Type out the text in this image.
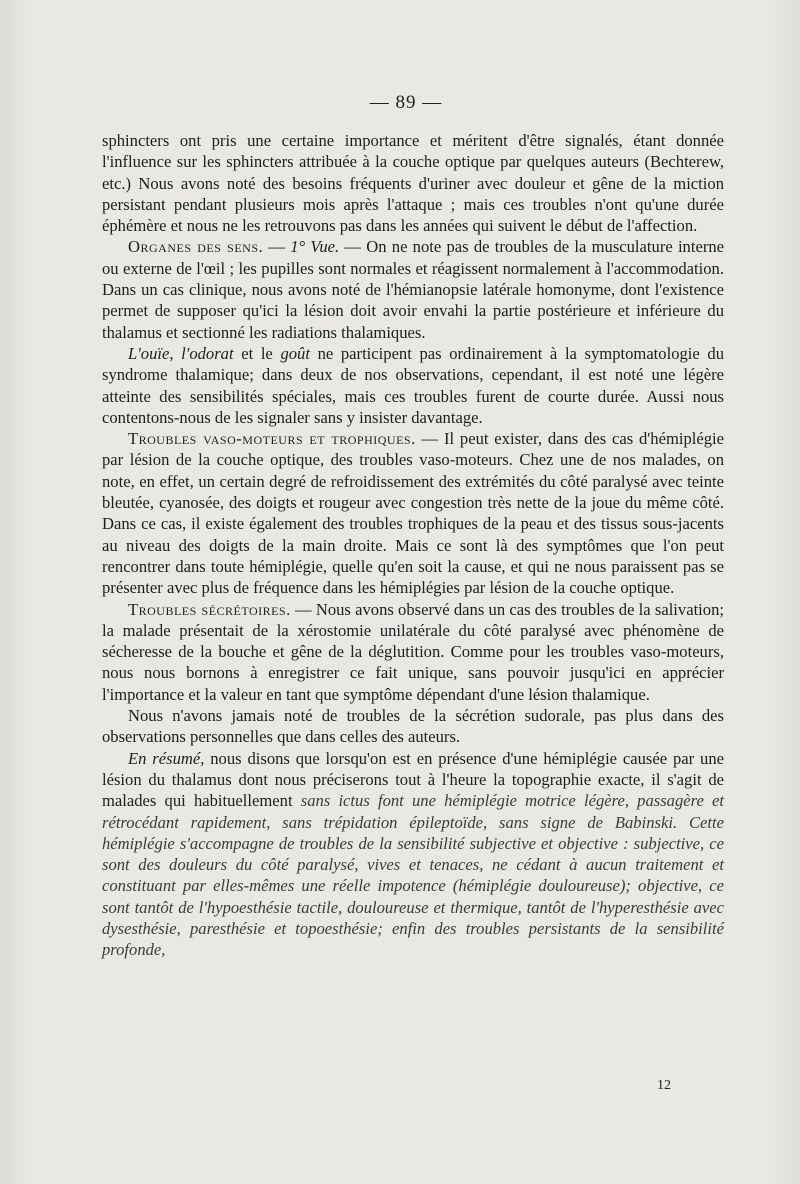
— 89 —

sphincters ont pris une certaine importance et méritent d'être signalés, étant donnée l'influence sur les sphincters attribuée à la couche optique par quelques auteurs (Bechterew, etc.) Nous avons noté des besoins fréquents d'uriner avec douleur et gêne de la miction persistant pendant plusieurs mois après l'attaque ; mais ces troubles n'ont qu'une durée éphémère et nous ne les retrouvons pas dans les années qui suivent le début de l'affection.

Organes des sens. — 1° Vue. — On ne note pas de troubles de la musculature interne ou externe de l'œil ; les pupilles sont normales et réagissent normalement à l'accommodation. Dans un cas clinique, nous avons noté de l'hémianopsie latérale homonyme, dont l'existence permet de supposer qu'ici la lésion doit avoir envahi la partie postérieure et inférieure du thalamus et sectionné les radiations thalamiques.

L'ouïe, l'odorat et le goût ne participent pas ordinairement à la symptomatologie du syndrome thalamique; dans deux de nos observations, cependant, il est noté une légère atteinte des sensibilités spéciales, mais ces troubles furent de courte durée. Aussi nous contentons-nous de les signaler sans y insister davantage.

Troubles vaso-moteurs et trophiques. — Il peut exister, dans des cas d'hémiplégie par lésion de la couche optique, des troubles vaso-moteurs. Chez une de nos malades, on note, en effet, un certain degré de refroidissement des extrémités du côté paralysé avec teinte bleutée, cyanosée, des doigts et rougeur avec congestion très nette de la joue du même côté. Dans ce cas, il existe également des troubles trophiques de la peau et des tissus sous-jacents au niveau des doigts de la main droite. Mais ce sont là des symptômes que l'on peut rencontrer dans toute hémiplégie, quelle qu'en soit la cause, et qui ne nous paraissent pas se présenter avec plus de fréquence dans les hémiplégies par lésion de la couche optique.

Troubles sécrétoires. — Nous avons observé dans un cas des troubles de la salivation; la malade présentait de la xérostomie unilatérale du côté paralysé avec phénomène de sécheresse de la bouche et gêne de la déglutition. Comme pour les troubles vaso-moteurs, nous nous bornons à enregistrer ce fait unique, sans pouvoir jusqu'ici en apprécier l'importance et la valeur en tant que symptôme dépendant d'une lésion thalamique.

Nous n'avons jamais noté de troubles de la sécrétion sudorale, pas plus dans des observations personnelles que dans celles des auteurs.

En résumé, nous disons que lorsqu'on est en présence d'une hémiplégie causée par une lésion du thalamus dont nous préciserons tout à l'heure la topographie exacte, il s'agit de malades qui habituellement sans ictus font une hémiplégie motrice légère, passagère et rétrocédant rapidement, sans trépidation épileptoïde, sans signe de Babinski. Cette hémiplégie s'accompagne de troubles de la sensibilité subjective et objective : subjective, ce sont des douleurs du côté paralysé, vives et tenaces, ne cédant à aucun traitement et constituant par elles-mêmes une réelle impotence (hémiplégie douloureuse); objective, ce sont tantôt de l'hypoesthésie tactile, douloureuse et thermique, tantôt de l'hyperesthésie avec dysesthésie, paresthésie et topoesthésie; enfin des troubles persistants de la sensibilité profonde,

12
